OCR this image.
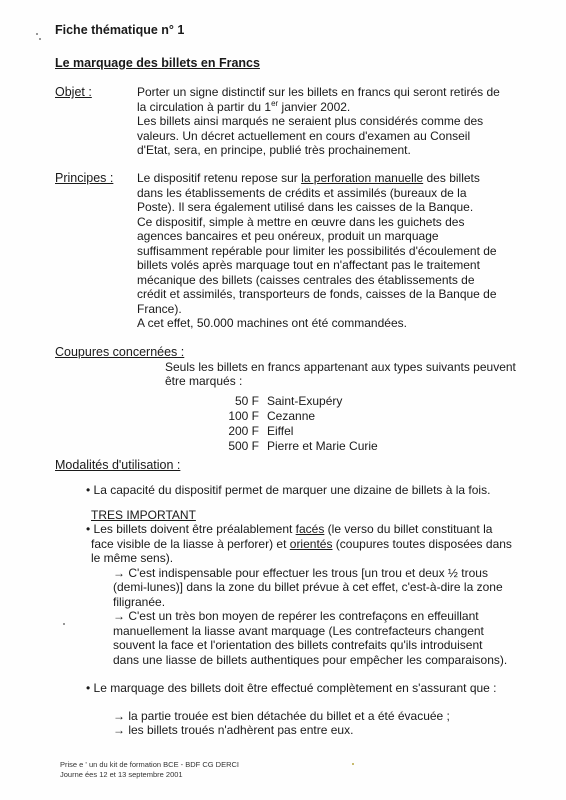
Fiche thématique n° 1
Le marquage des billets en Francs
Objet :	Porter un signe distinctif sur les billets en francs qui seront retirés de
la circulation à partir du 1er janvier 2002.
Les billets ainsi marqués ne seraient plus considérés comme des
valeurs. Un décret actuellement en cours d'examen au Conseil
d'Etat, sera, en principe, publié très prochainement.
Principes : Le dispositif retenu repose sur la perforation manuelle des billets
dans les établissements de crédits et assimilés (bureaux de la
Poste). Il sera également utilisé dans les caisses de la Banque.
Ce dispositif, simple à mettre en œuvre dans les guichets des
agences bancaires et peu onéreux, produit un marquage
suffisamment repérable pour limiter les possibilités d'écoulement de
billets volés après marquage tout en n'affectant pas le traitement
mécanique des billets (caisses centrales des établissements de
crédit et assimilés, transporteurs de fonds, caisses de la Banque de
France).
A cet effet, 50.000 machines ont été commandées.
Coupures concernées :
Seuls les billets en francs appartenant aux types suivants peuvent
être marqués :
50 F Saint-Exupéry
100 F Cezanne
200 F Eiffel
500 F Pierre et Marie Curie
Modalités d'utilisation :
• La capacité du dispositif permet de marquer une dizaine de billets à la fois.
TRES IMPORTANT
• Les billets doivent être préalablement facés (le verso du billet constituant la
face visible de la liasse à perforer) et orientés (coupures toutes disposées dans
le même sens).
→ C'est indispensable pour effectuer les trous [un trou et deux ½ trous
(demi-lunes)] dans la zone du billet prévue à cet effet, c'est-à-dire la zone
filigranée.
→ C'est un très bon moyen de repérer les contrefaçons en effeuillant
manuellement la liasse avant marquage (Les contrefacteurs changent
souvent la face et l'orientation des billets contrefaits qu'ils introduisent
dans une liasse de billets authentiques pour empêcher les comparaisons).
• Le marquage des billets doit être effectué complètement en s'assurant que :
→ la partie trouée est bien détachée du billet et a été évacuée ;
→ les billets troués n'adhèrent pas entre eux.
Prise e ' un du kit de formation BCE - BDF CG DERCI
Journe ées 12 et 13 septembre 2001
